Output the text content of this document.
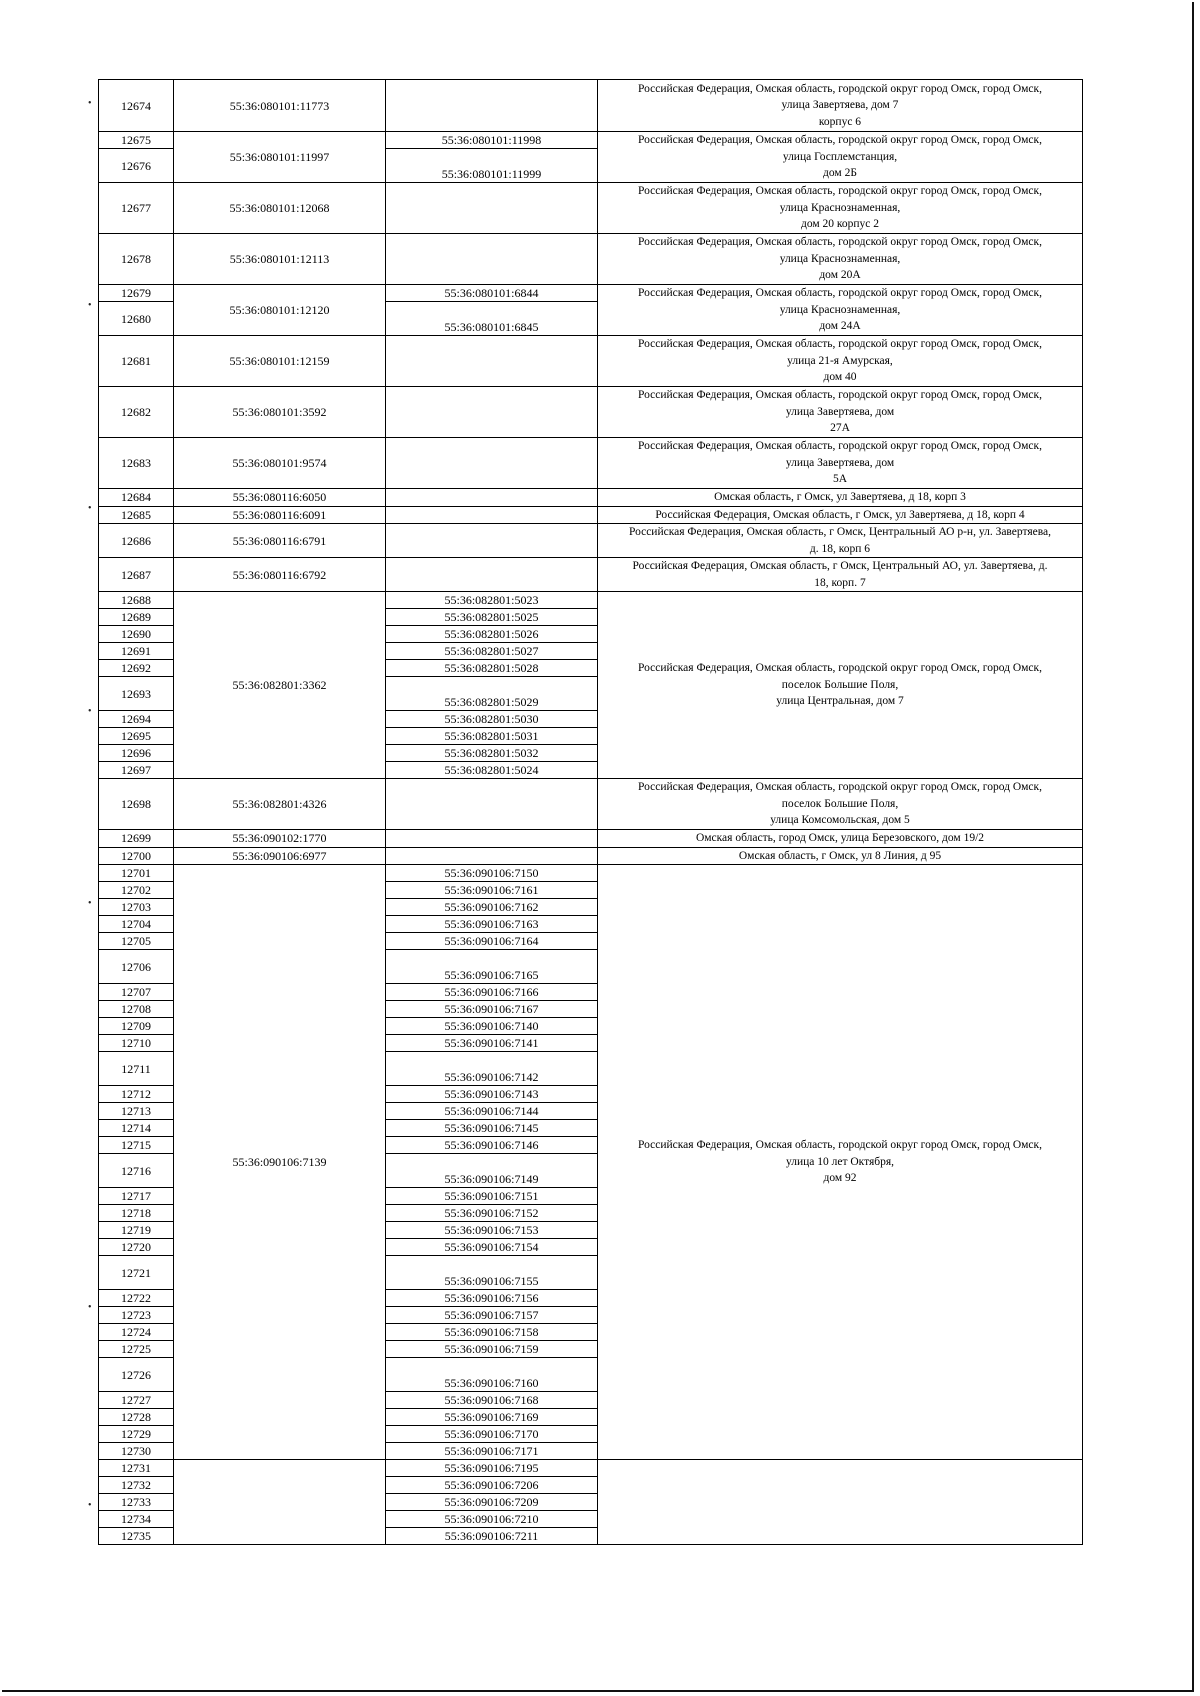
•
•
•
•
•
•
•
12674	55:36:080101:11773		Российская Федерация, Омская область, городской округ город Омск, город Омск,
улица Завертяева, дом 7
корпус 6

12675	55:36:080101:11997	55:36:080101:11998	Российская Федерация, Омская область, городской округ город Омск, город Омск,
улица Госплемстанция,
дом 2Б

12676		55:36:080101:11999	
12677	55:36:080101:12068		Российская Федерация, Омская область, городской округ город Омск, город Омск,
улица Краснознаменная,
дом 20 корпус 2

12678	55:36:080101:12113		Российская Федерация, Омская область, городской округ город Омск, город Омск,
улица Краснознаменная,
дом 20А

12679	55:36:080101:12120	55:36:080101:6844	Российская Федерация, Омская область, городской округ город Омск, город Омск,
улица Краснознаменная,
дом 24А

12680		55:36:080101:6845	
12681	55:36:080101:12159		Российская Федерация, Омская область, городской округ город Омск, город Омск,
улица 21-я Амурская,
дом 40

12682	55:36:080101:3592		Российская Федерация, Омская область, городской округ город Омск, город Омск,
улица Завертяева, дом
27А

12683	55:36:080101:9574		Российская Федерация, Омская область, городской округ город Омск, город Омск,
улица Завертяева, дом
5А

12684	55:36:080116:6050		Омская область, г Омск, ул Завертяева, д 18, корп 3

12685	55:36:080116:6091		Российская Федерация, Омская область, г Омск, ул Завертяева, д 18, корп 4

12686	55:36:080116:6791		Российская Федерация, Омская область, г Омск, Центральный АО р-н, ул. Завертяева,
д. 18, корп 6

12687	55:36:080116:6792		Российская Федерация, Омская область, г Омск, Центральный АО, ул. Завертяева, д.
18, корп. 7

12688	55:36:082801:3362	55:36:082801:5023	Российская Федерация, Омская область, городской округ город Омск, город Омск,
поселок Большие Поля,
улица Центральная, дом 7

12689		55:36:082801:5025	
12690		55:36:082801:5026	
12691		55:36:082801:5027	
12692		55:36:082801:5028	
12693		55:36:082801:5029	
12694		55:36:082801:5030	
12695		55:36:082801:5031	
12696		55:36:082801:5032	
12697		55:36:082801:5024	
12698	55:36:082801:4326		Российская Федерация, Омская область, городской округ город Омск, город Омск,
поселок Большие Поля,
улица Комсомольская, дом 5

12699	55:36:090102:1770		Омская область, город Омск, улица Березовского, дом 19/2

12700	55:36:090106:6977		Омская область, г Омск, ул 8 Линия, д 95

12701	55:36:090106:7139	55:36:090106:7150	Российская Федерация, Омская область, городской округ город Омск, город Омск,
улица 10 лет Октября,
дом 92

12702		55:36:090106:7161	
12703		55:36:090106:7162	
12704		55:36:090106:7163	
12705		55:36:090106:7164	
12706		55:36:090106:7165	
12707		55:36:090106:7166	
12708		55:36:090106:7167	
12709		55:36:090106:7140	
12710		55:36:090106:7141	
12711		55:36:090106:7142	
12712		55:36:090106:7143	
12713		55:36:090106:7144	
12714		55:36:090106:7145	
12715		55:36:090106:7146	
12716		55:36:090106:7149	
12717		55:36:090106:7151	
12718		55:36:090106:7152	
12719		55:36:090106:7153	
12720		55:36:090106:7154	
12721		55:36:090106:7155	
12722		55:36:090106:7156	
12723		55:36:090106:7157	
12724		55:36:090106:7158	
12725		55:36:090106:7159	
12726		55:36:090106:7160	
12727		55:36:090106:7168	
12728		55:36:090106:7169	
12729		55:36:090106:7170	
12730		55:36:090106:7171	
12731		55:36:090106:7195	
12732		55:36:090106:7206	
12733		55:36:090106:7209	
12734		55:36:090106:7210	
12735		55:36:090106:7211	
